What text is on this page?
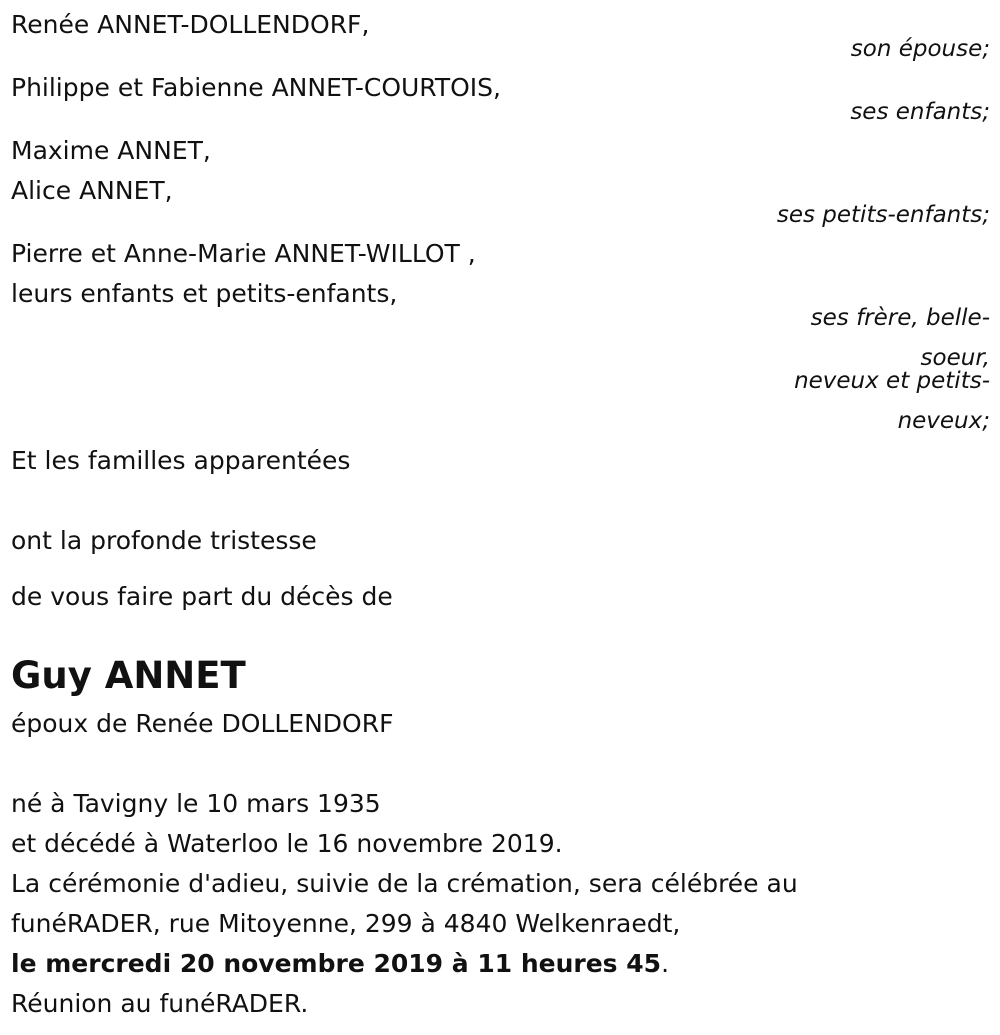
Renée ANNET-DOLLENDORF,
son épouse;
Philippe et Fabienne ANNET-COURTOIS,
ses enfants;
Maxime ANNET,
Alice ANNET,
ses petits-enfants;
Pierre et Anne-Marie ANNET-WILLOT ,
leurs enfants et petits-enfants,
ses frère, belle-
soeur,
neveux et petits-
neveux;
Et les familles apparentées
ont la profonde tristesse
de vous faire part du décès de
Guy ANNET
époux de Renée DOLLENDORF
né à Tavigny le 10 mars 1935
et décédé à Waterloo le 16 novembre 2019.
La cérémonie d'adieu, suivie de la crémation, sera célébrée au
funéRADER, rue Mitoyenne, 299 à 4840 Welkenraedt,
le mercredi 20 novembre 2019 à 11 heures 45.
Réunion au funéRADER.
